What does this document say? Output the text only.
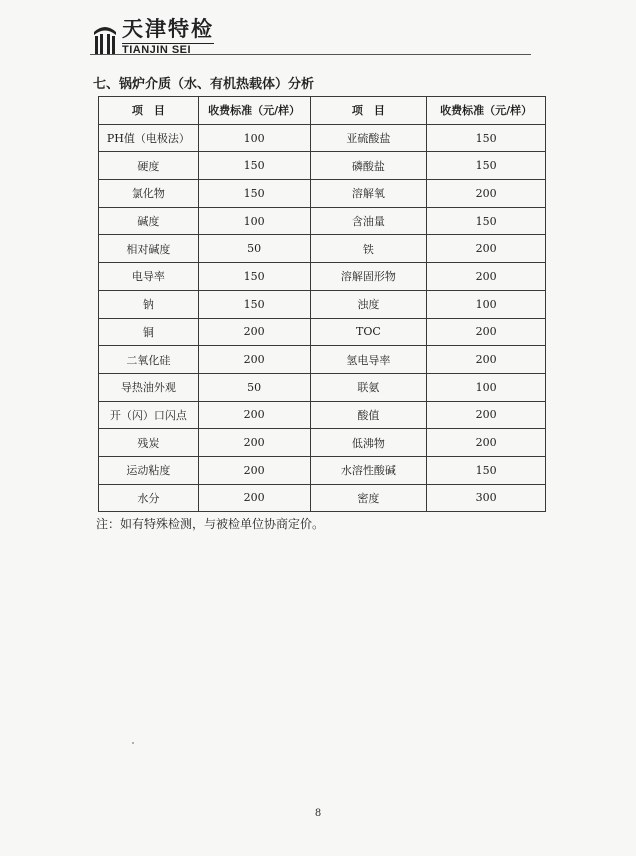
天津特检
TIANJIN SEI
七、锅炉介质（水、有机热载体）分析
项　目	收费标准（元/样）	项　目	收费标准（元/样）
PH值（电极法）	100	亚硫酸盐	150
硬度	150	磷酸盐	150
氯化物	150	溶解氧	200
碱度	100	含油量	150
相对碱度	50	铁	200
电导率	150	溶解固形物	200
钠	150	浊度	100
铜	200	TOC	200
二氧化硅	200	氢电导率	200
导热油外观	50	联氨	100
开（闪）口闪点	200	酸值	200
残炭	200	低沸物	200
运动粘度	200	水溶性酸碱	150
水分	200	密度	300
注：如有特殊检测，与被检单位协商定价。
8
